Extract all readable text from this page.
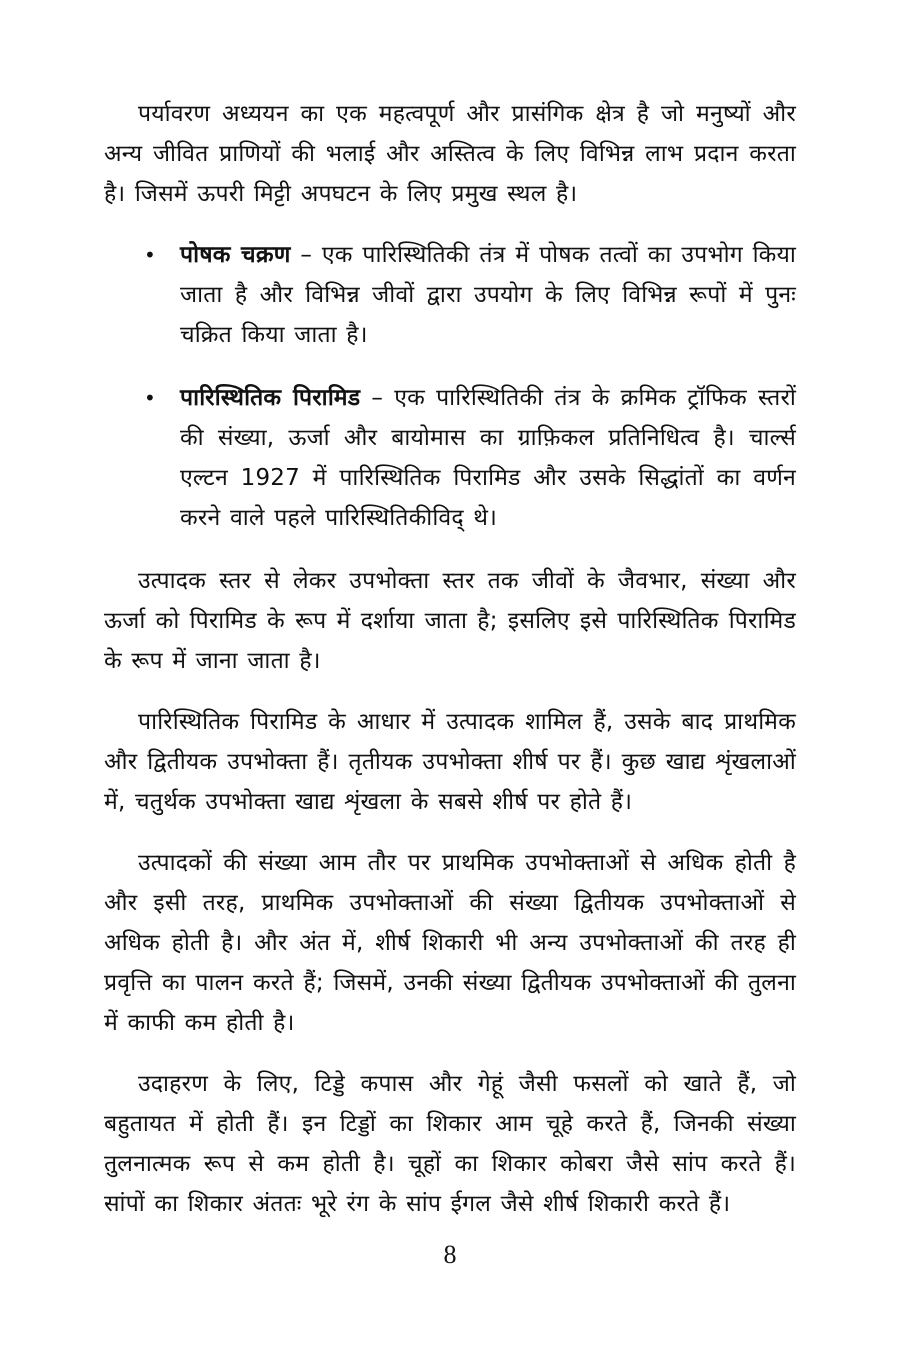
पर्यावरण अध्ययन का एक महत्वपूर्ण और प्रासंगिक क्षेत्र है जो मनुष्यों और अन्य जीवित प्राणियों की भलाई और अस्तित्व के लिए विभिन्न लाभ प्रदान करता है। जिसमें ऊपरी मिट्टी अपघटन के लिए प्रमुख स्थल है।

•	पोषक चक्रण – एक पारिस्थितिकी तंत्र में पोषक तत्वों का उपभोग किया जाता है और विभिन्न जीवों द्वारा उपयोग के लिए विभिन्न रूपों में पुनः चक्रित किया जाता है।
•	पारिस्थितिक पिरामिड – एक पारिस्थितिकी तंत्र के क्रमिक ट्रॉफिक स्तरों की संख्या, ऊर्जा और बायोमास का ग्राफ़िकल प्रतिनिधित्व है। चार्ल्स एल्टन 1927 में पारिस्थितिक पिरामिड और उसके सिद्धांतों का वर्णन करने वाले पहले पारिस्थितिकीविद् थे।

उत्पादक स्तर से लेकर उपभोक्ता स्तर तक जीवों के जैवभार, संख्या और ऊर्जा को पिरामिड के रूप में दर्शाया जाता है; इसलिए इसे पारिस्थितिक पिरामिड के रूप में जाना जाता है।

पारिस्थितिक पिरामिड के आधार में उत्पादक शामिल हैं, उसके बाद प्राथमिक और द्वितीयक उपभोक्ता हैं। तृतीयक उपभोक्ता शीर्ष पर हैं। कुछ खाद्य शृंखलाओं में, चतुर्थक उपभोक्ता खाद्य शृंखला के सबसे शीर्ष पर होते हैं।

उत्पादकों की संख्या आम तौर पर प्राथमिक उपभोक्ताओं से अधिक होती है और इसी तरह, प्राथमिक उपभोक्ताओं की संख्या द्वितीयक उपभोक्ताओं से अधिक होती है। और अंत में, शीर्ष शिकारी भी अन्य उपभोक्ताओं की तरह ही प्रवृत्ति का पालन करते हैं; जिसमें, उनकी संख्या द्वितीयक उपभोक्ताओं की तुलना में काफी कम होती है।

उदाहरण के लिए, टिड्डे कपास और गेहूं जैसी फसलों को खाते हैं, जो बहुतायत में होती हैं। इन टिड्डों का शिकार आम चूहे करते हैं, जिनकी संख्या तुलनात्मक रूप से कम होती है। चूहों का शिकार कोबरा जैसे सांप करते हैं। सांपों का शिकार अंततः भूरे रंग के सांप ईगल जैसे शीर्ष शिकारी करते हैं।

8
